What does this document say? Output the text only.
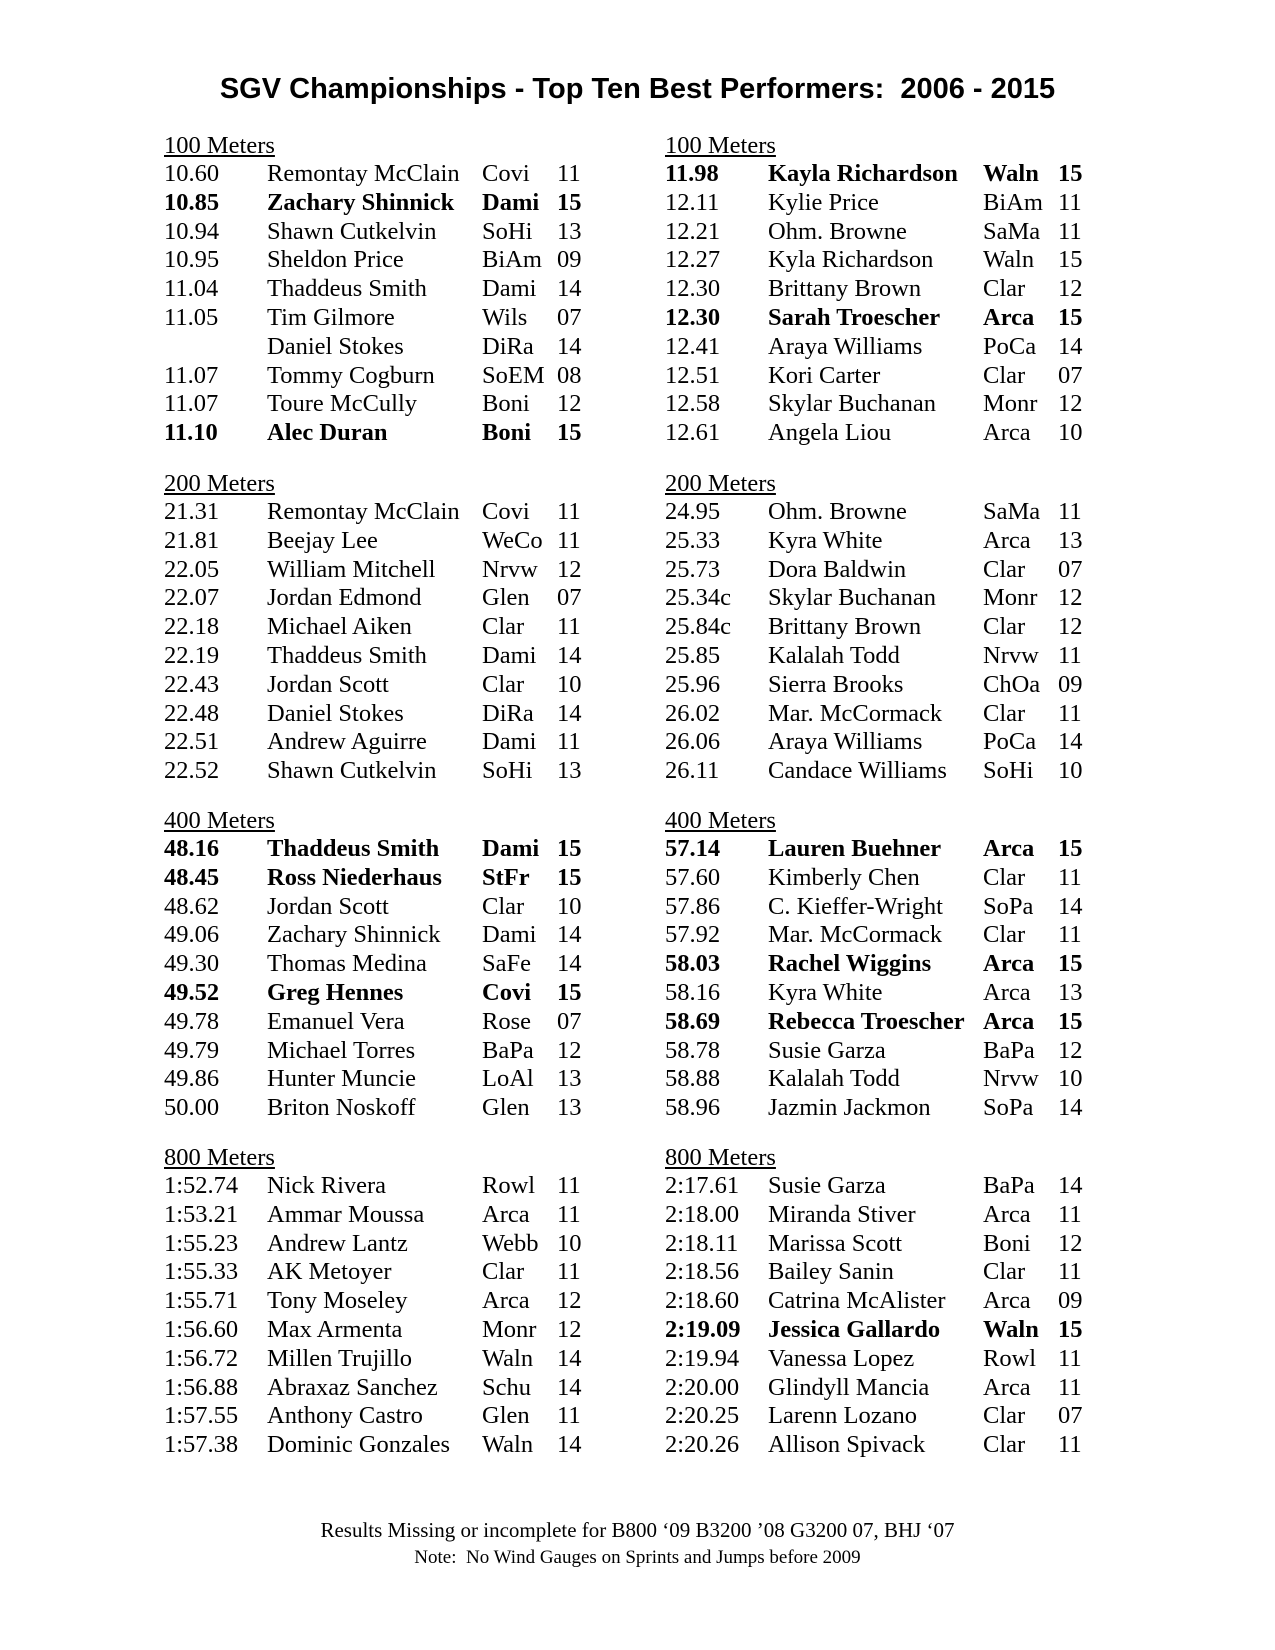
SGV Championships - Top Ten Best Performers:  2006 - 2015
100 Meters
10.60 Remontay McClain Covi 11
10.85 Zachary Shinnick Dami 15
10.94 Shawn Cutkelvin SoHi 13
10.95 Sheldon Price	BiAm 09
11.04 Thaddeus Smith Dami 14
11.05 Tim Gilmore	Wils 07
Daniel Stokes	DiRa 14
11.07 Tommy Cogburn SoEM 08
11.07 Toure McCully	Boni 12
11.10 Alec Duran	Boni 15
200 Meters
21.31 Remontay McClain Covi 11
21.81 Beejay Lee	WeCo 11
22.05 William Mitchell Nrvw 12
22.07 Jordan Edmond Glen 07
22.18 Michael Aiken	Clar 11
22.19 Thaddeus Smith Dami 14
22.43 Jordan Scott	Clar 10
22.48 Daniel Stokes	DiRa 14
22.51 Andrew Aguirre Dami 11
22.52 Shawn Cutkelvin SoHi 13
400 Meters
48.16 Thaddeus Smith Dami 15
48.45 Ross Niederhaus StFr 15
48.62 Jordan Scott	Clar 10
49.06 Zachary Shinnick Dami 14
49.30 Thomas Medina SaFe 14
49.52 Greg Hennes	Covi 15
49.78 Emanuel Vera	Rose 07
49.79 Michael Torres	BaPa 12
49.86 Hunter Muncie	LoAl 13
50.00 Briton Noskoff	Glen 13
800 Meters
1:52.74 Nick Rivera	Rowl 11
1:53.21 Ammar Moussa Arca 11
1:55.23 Andrew Lantz	Webb 10
1:55.33 AK Metoyer	Clar 11
1:55.71 Tony Moseley	Arca 12
1:56.60 Max Armenta	Monr 12
1:56.72 Millen Trujillo	Waln 14
1:56.88 Abraxaz Sanchez Schu 14
1:57.55 Anthony Castro Glen 11
1:57.38 Dominic Gonzales Waln 14
100 Meters
11.98 Kayla Richardson Waln 15
12.11 Kylie Price	BiAm 11
12.21 Ohm. Browne	SaMa 11
12.27 Kyla Richardson Waln 15
12.30 Brittany Brown	Clar 12
12.30 Sarah Troescher Arca 15
12.41 Araya Williams PoCa 14
12.51 Kori Carter	Clar 07
12.58 Skylar Buchanan Monr 12
12.61 Angela Liou	Arca 10
200 Meters
24.95 Ohm. Browne	SaMa 11
25.33 Kyra White	Arca 13
25.73 Dora Baldwin	Clar 07
25.34c Skylar Buchanan Monr 12
25.84c Brittany Brown	Clar 12
25.85 Kalalah Todd	Nrvw 11
25.96 Sierra Brooks	ChOa 09
26.02 Mar. McCormack Clar 11
26.06 Araya Williams PoCa 14
26.11 Candace Williams SoHi 10
400 Meters
57.14 Lauren Buehner Arca 15
57.60 Kimberly Chen	Clar 11
57.86 C. Kieffer-Wright SoPa 14
57.92 Mar. McCormack Clar 11
58.03 Rachel Wiggins Arca 15
58.16 Kyra White	Arca 13
58.69 Rebecca Troescher Arca 15
58.78 Susie Garza	BaPa 12
58.88 Kalalah Todd	Nrvw 10
58.96 Jazmin Jackmon SoPa 14
800 Meters
2:17.61 Susie Garza	BaPa 14
2:18.00 Miranda Stiver	Arca 11
2:18.11 Marissa Scott	Boni 12
2:18.56 Bailey Sanin	Clar 11
2:18.60 Catrina McAlister Arca 09
2:19.09 Jessica Gallardo Waln 15
2:19.94 Vanessa Lopez	Rowl 11
2:20.00 Glindyll Mancia Arca 11
2:20.25 Larenn Lozano	Clar 07
2:20.26 Allison Spivack Clar 11
Results Missing or incomplete for B800 ‘09 B3200 ’08 G3200 07, BHJ ‘07
Note:  No Wind Gauges on Sprints and Jumps before 2009
